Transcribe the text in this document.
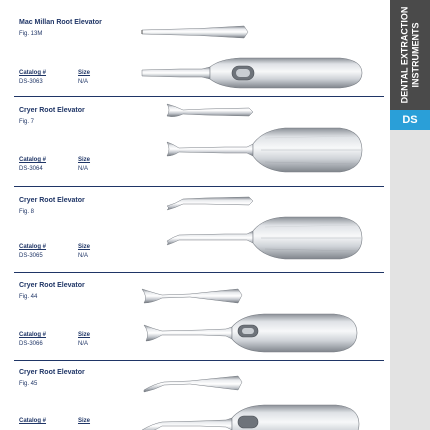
DENTAL EXTRACTION INSTRUMENTS
DS
Mac Millan Root Elevator
Fig. 13M
Catalog #	Size
DS-3063	N/A
Cryer Root Elevator
Fig. 7
Catalog #	Size
DS-3064	N/A
Cryer Root Elevator
Fig. 8
Catalog #	Size
DS-3065	N/A
Cryer Root Elevator
Fig. 44
Catalog #	Size
DS-3066	N/A
Cryer Root Elevator
Fig. 45
Catalog #	Size
